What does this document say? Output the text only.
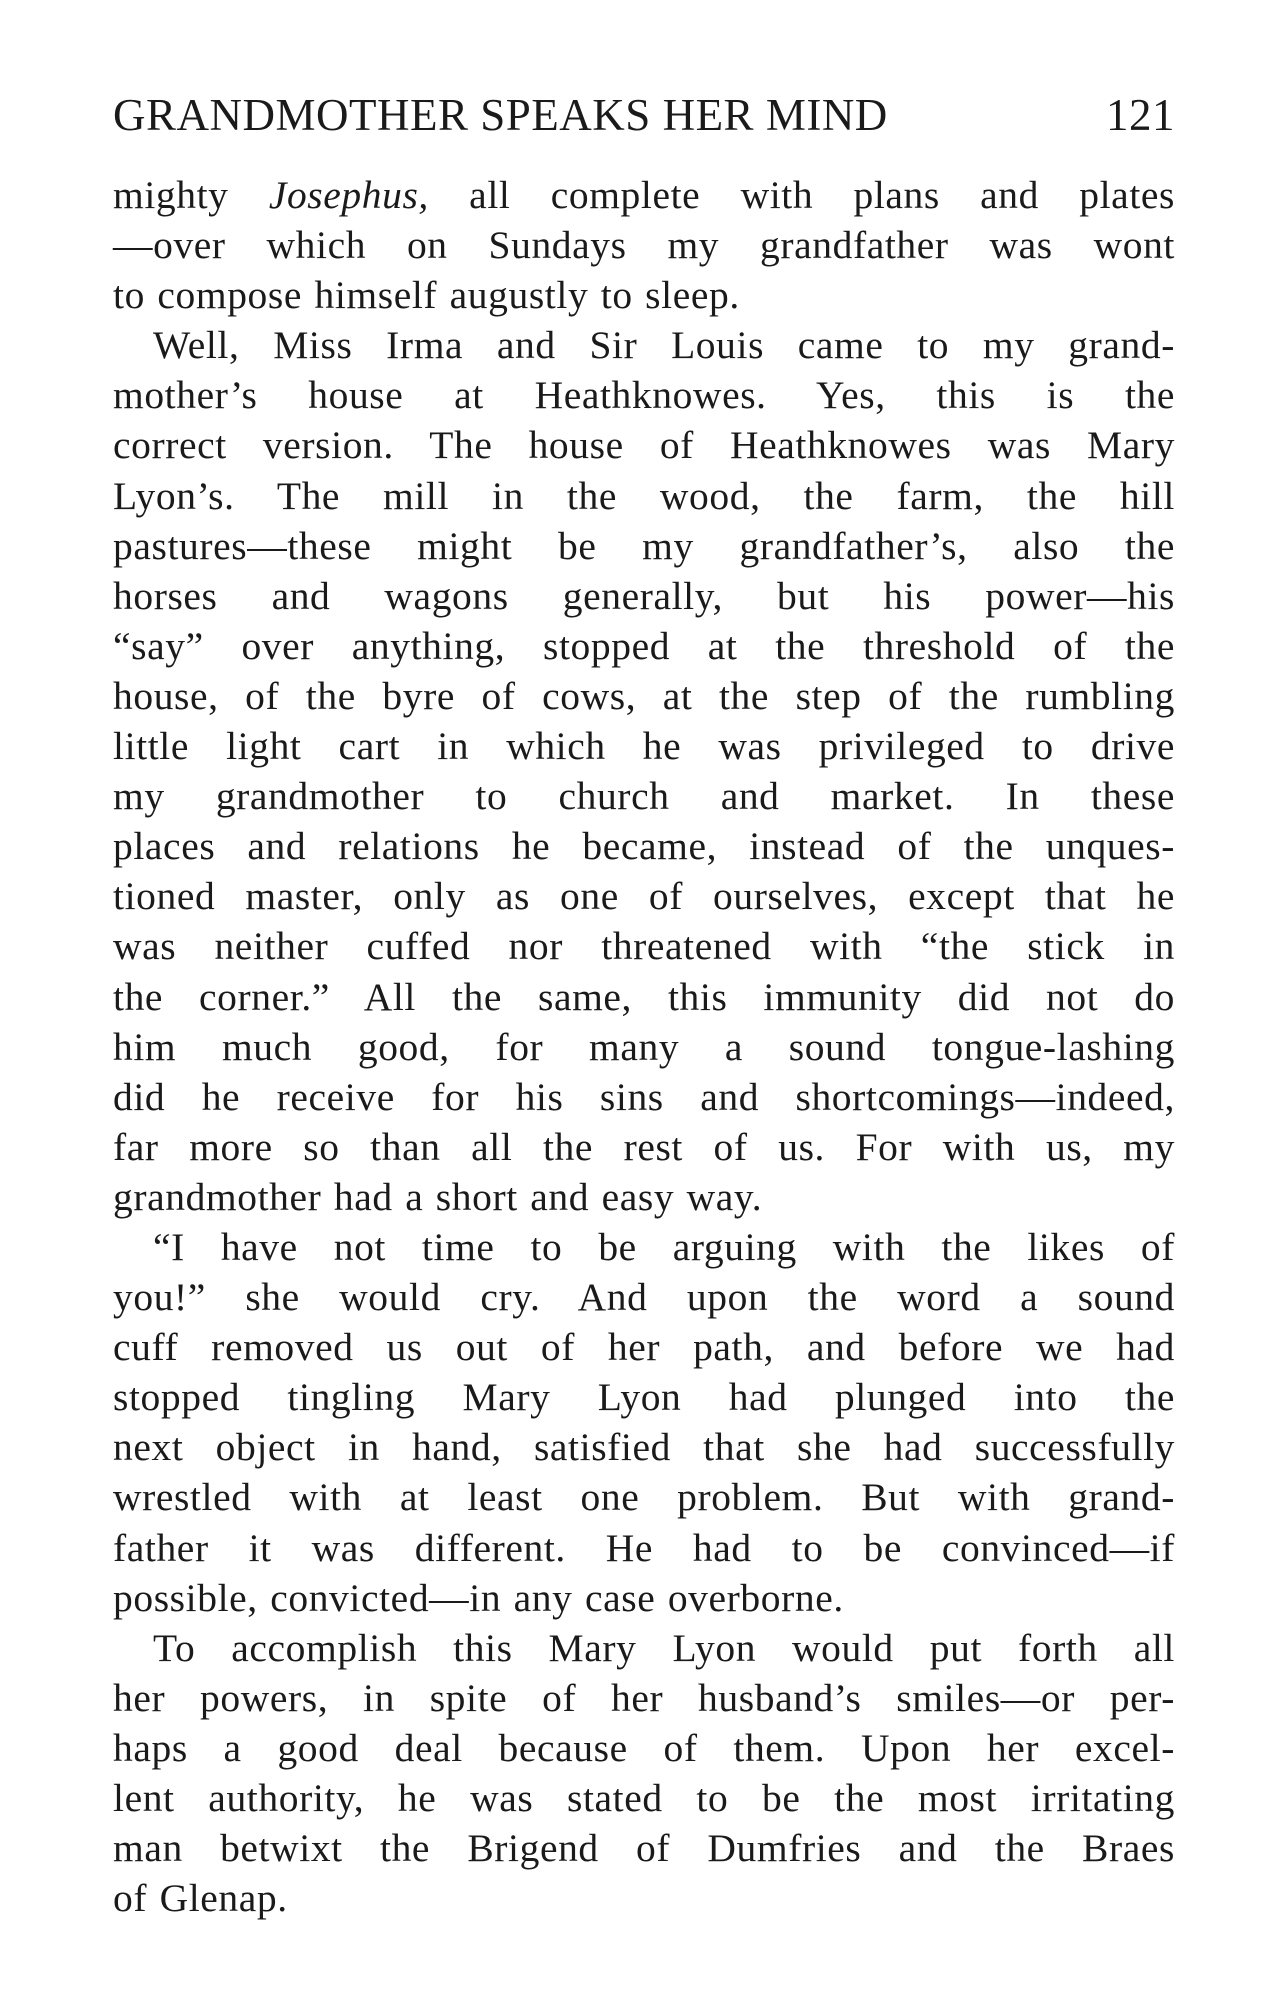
GRANDMOTHER SPEAKS HER MIND	121

mighty Josephus, all complete with plans and plates
—over which on Sundays my grandfather was wont
to compose himself augustly to sleep.

Well, Miss Irma and Sir Louis came to my grand-
mother’s house at Heathknowes. Yes, this is the
correct version. The house of Heathknowes was Mary
Lyon’s. The mill in the wood, the farm, the hill
pastures—these might be my grandfather’s, also the
horses and wagons generally, but his power—his
“say” over anything, stopped at the threshold of the
house, of the byre of cows, at the step of the rumbling
little light cart in which he was privileged to drive
my grandmother to church and market. In these
places and relations he became, instead of the unques-
tioned master, only as one of ourselves, except that he
was neither cuffed nor threatened with “the stick in
the corner.” All the same, this immunity did not do
him much good, for many a sound tongue-lashing
did he receive for his sins and shortcomings—indeed,
far more so than all the rest of us. For with us, my
grandmother had a short and easy way.

“I have not time to be arguing with the likes of
you!” she would cry. And upon the word a sound
cuff removed us out of her path, and before we had
stopped tingling Mary Lyon had plunged into the
next object in hand, satisfied that she had successfully
wrestled with at least one problem. But with grand-
father it was different. He had to be convinced—if
possible, convicted—in any case overborne.

To accomplish this Mary Lyon would put forth all
her powers, in spite of her husband’s smiles—or per-
haps a good deal because of them. Upon her excel-
lent authority, he was stated to be the most irritating
man betwixt the Brigend of Dumfries and the Braes
of Glenap.
